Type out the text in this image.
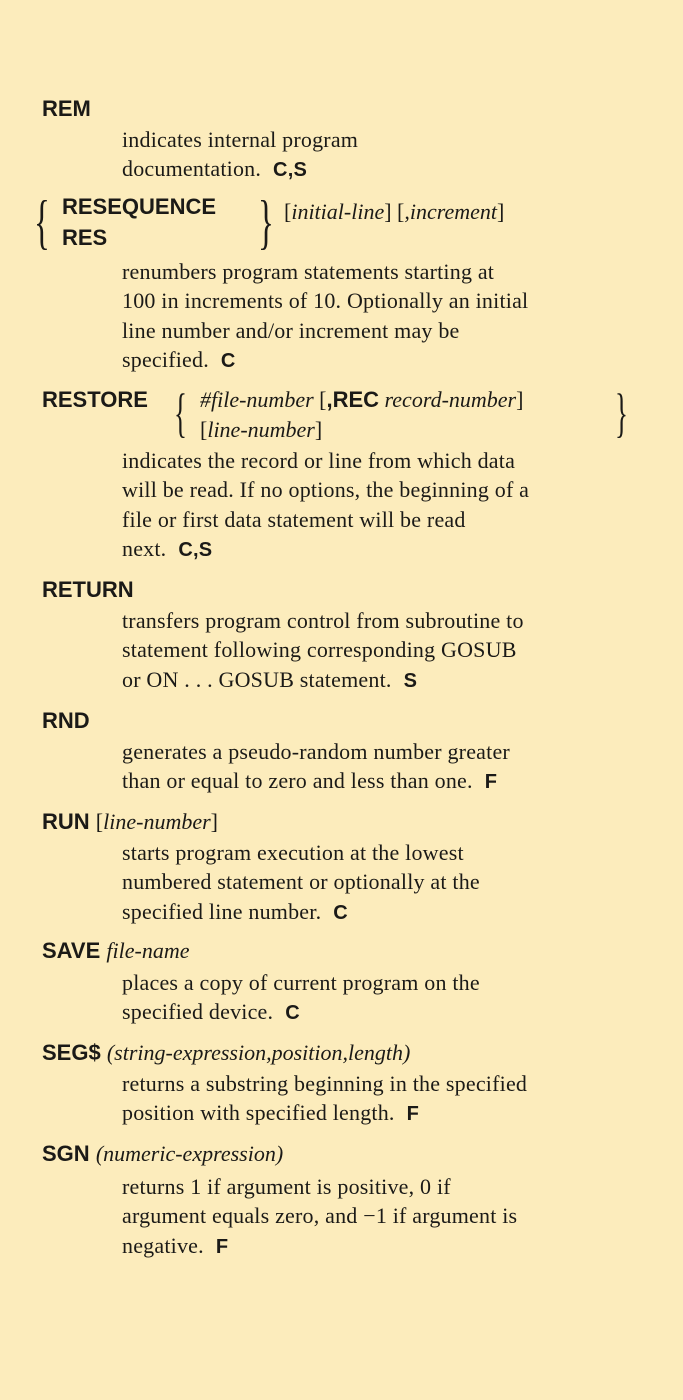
REM
indicates internal program
documentation. C,S
{ RESEQUENCE
RES	} [initial-line] [,increment]
renumbers program statements starting at
100 in increments of 10. Optionally an initial
line number and/or increment may be
specified. C
RESTORE { #file-number [,REC record-number]
[line-number]	}
indicates the record or line from which data
will be read. If no options, the beginning of a
file or first data statement will be read
next. C,S
RETURN
transfers program control from subroutine to
statement following corresponding GOSUB
or ON . . . GOSUB statement. S
RND
generates a pseudo-random number greater
than or equal to zero and less than one. F
RUN [line-number]
starts program execution at the lowest
numbered statement or optionally at the
specified line number. C
SAVE file-name
places a copy of current program on the
specified device. C
SEG$ (string-expression,position,length)
returns a substring beginning in the specified
position with specified length. F
SGN (numeric-expression)
returns 1 if argument is positive, 0 if
argument equals zero, and −1 if argument is
negative. F
